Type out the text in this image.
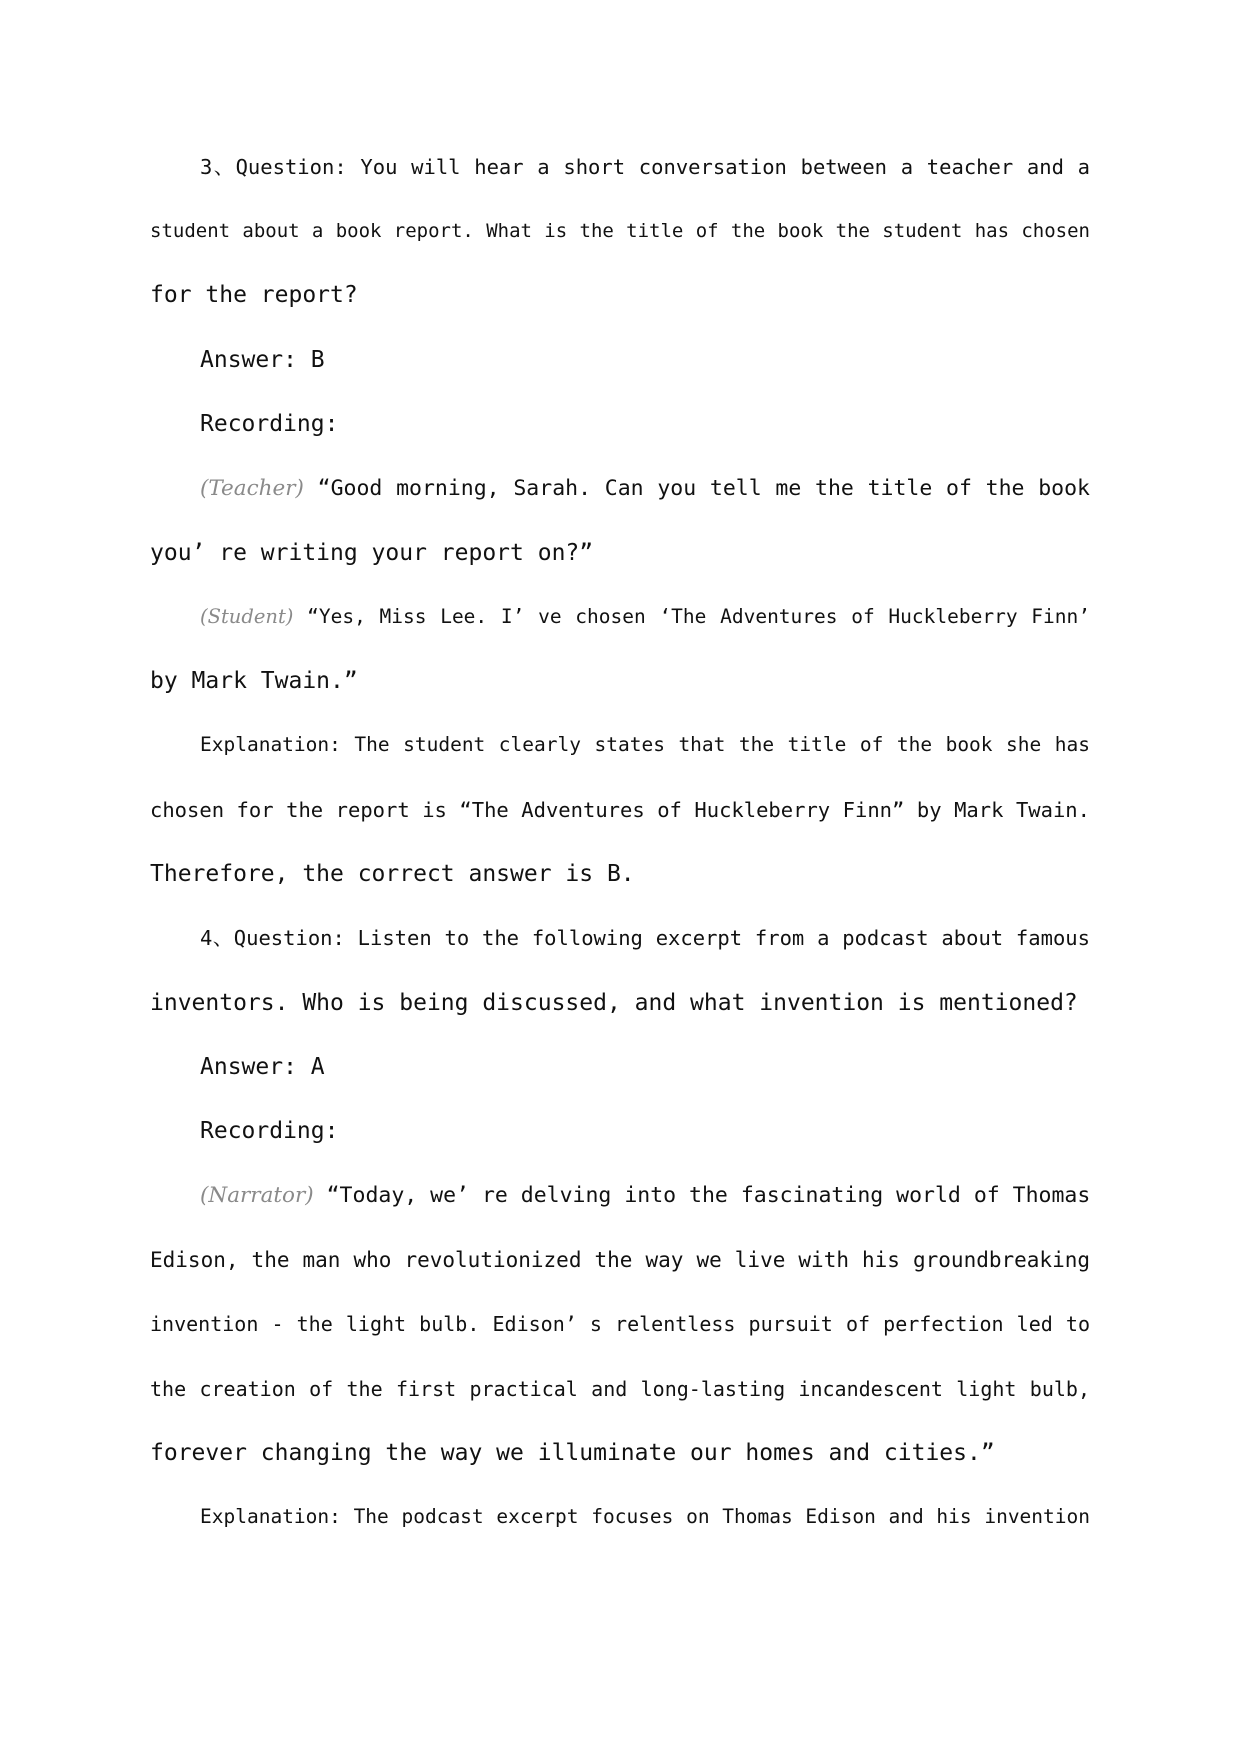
3、Question: You will hear a short conversation between a teacher and a
student about a book report. What is the title of the book the student has chosen
for the report?
Answer: B
Recording:
(Teacher) “Good morning, Sarah. Can you tell me the title of the book
you’ re writing your report on?”
(Student) “Yes, Miss Lee. I’ ve chosen ‘The Adventures of Huckleberry Finn’
by Mark Twain.”
Explanation: The student clearly states that the title of the book she has
chosen for the report is “The Adventures of Huckleberry Finn” by Mark Twain.
Therefore, the correct answer is B.
4、Question: Listen to the following excerpt from a podcast about famous
inventors. Who is being discussed, and what invention is mentioned?
Answer: A
Recording:
(Narrator) “Today, we’ re delving into the fascinating world of Thomas
Edison, the man who revolutionized the way we live with his groundbreaking
invention - the light bulb. Edison’ s relentless pursuit of perfection led to
the creation of the first practical and long-lasting incandescent light bulb,
forever changing the way we illuminate our homes and cities.”
Explanation: The podcast excerpt focuses on Thomas Edison and his invention
